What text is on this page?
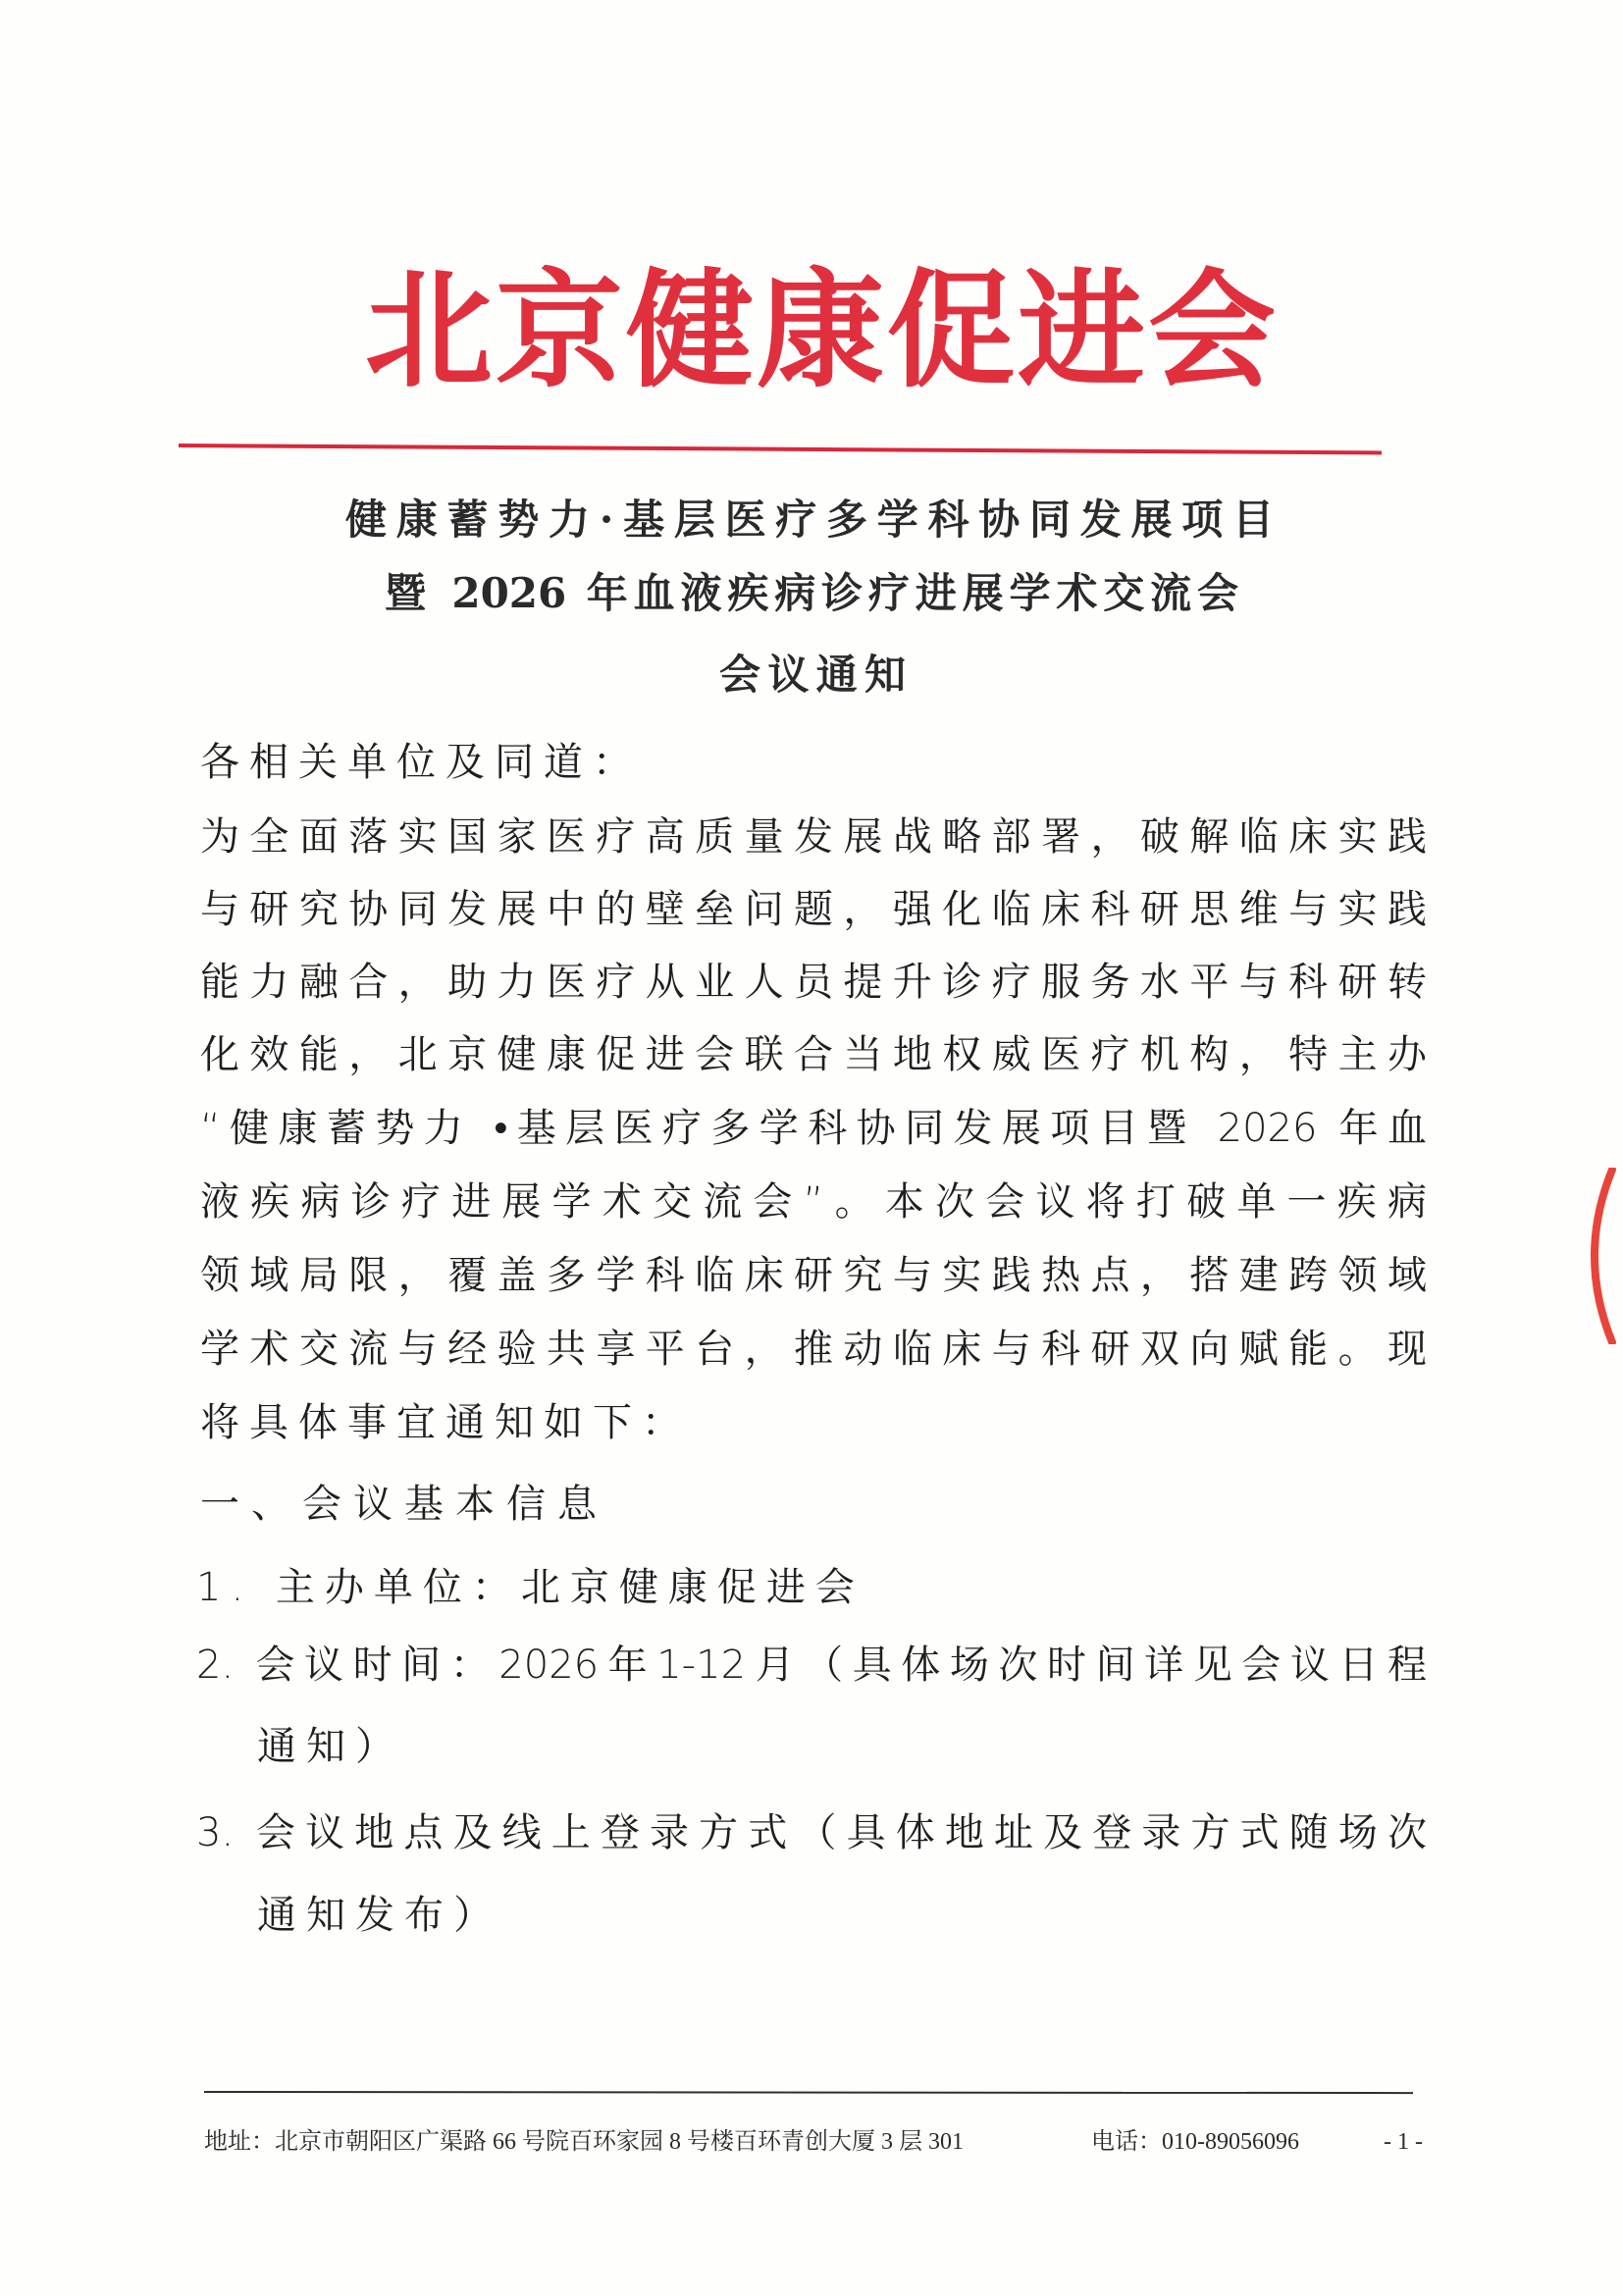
北京健康促进会
健康蓄势力·基层医疗多学科协同发展项目
暨 2026 年血液疾病诊疗进展学术交流会
会议通知
各相关单位及同道：
为全面落实国家医疗高质量发展战略部署，破解临床实践
与研究协同发展中的壁垒问题，强化临床科研思维与实践
能力融合，助力医疗从业人员提升诊疗服务水平与科研转
化效能，北京健康促进会联合当地权威医疗机构，特主办
“健康蓄势力 •基层医疗多学科协同发展项目暨 2026 年血
液疾病诊疗进展学术交流会”。本次会议将打破单一疾病
领域局限，覆盖多学科临床研究与实践热点，搭建跨领域
学术交流与经验共享平台，推动临床与科研双向赋能。现
将具体事宜通知如下：
一、会议基本信息
1. 主办单位：北京健康促进会
2. 会议时间：2026年1-12月（具体场次时间详见会议日程
通知）
3. 会议地点及线上登录方式（具体地址及登录方式随场次
通知发布）
地址：北京市朝阳区广渠路 66 号院百环家园 8 号楼百环青创大厦 3 层 301	电话：010-89056096	- 1 -
